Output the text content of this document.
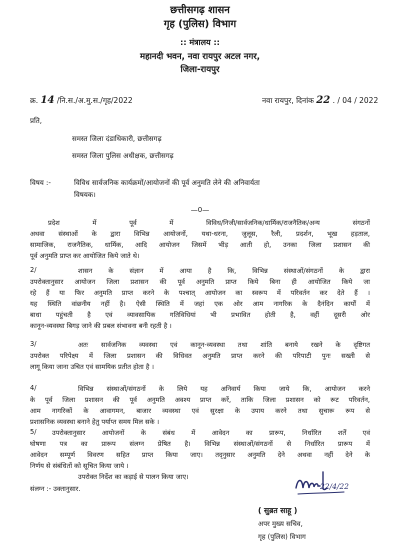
छत्तीसगढ़ शासन
गृह (पुलिस) विभाग
:: मंत्रालय ::
महानदी भवन, नवा रायपुर अटल नगर,
जिला-रायपुर
क्र. 14 /नि.स./अ.मु.स./गृह/2022	नवा रायपुर, दिनांक 22 . / 04 / 2022
प्रति,
समस्त जिला दंडाधिकारी, छत्तीसगढ़
समस्त जिला पुलिस अधीक्षक, छत्तीसगढ़
विषय :-	विविध सार्वजनिक कार्यक्रमों/आयोजनों की पूर्व अनुमति लेने की अनिवार्यता
विषयक।
—0—
प्रदेश में पूर्व में विविध/निजी/सार्वजनिक/धार्मिक/राजनैतिक/अन्य संगठनों
अथवा संस्थाओं के द्वारा विभिन्न आयोजनों, यथा-धरना, जुलूस, रैली, प्रदर्शन, भूख हड़ताल,
सामाजिक, राजनैतिक, धार्मिक, आदि आयोजन जिसमें भीड़ आती हो, उनका जिला प्रशासन की
पूर्व अनुमति प्राप्त कर आयोजित किये जाते थे।
2/	शासन के संज्ञान में आया है कि, विभिन्न संस्थाओं/संगठनों के द्वारा
उपरोक्तानुसार आयोजन जिला प्रशासन की पूर्व अनुमति प्राप्त किये बिना ही आयोजित किये जा
रहे हैं या फिर अनुमति प्राप्त करने के पश्चात् आयोजन का स्वरूप में परिवर्तन कर देते हैं ।
यह स्थिति वांछनीय नहीं है। ऐसी स्थिति में जहां एक ओर आम नागरिक के दैनंदिन कार्यों में
बाधा पहुंचती है एवं व्यावसायिक गतिविधियां भी प्रभावित होती है, वहीं दूसरी ओर
कानून-व्यवस्था बिगड़ जाने की प्रबल संभावना बनी रहती है ।
3/	अतः सार्वजनिक व्यवस्था एवं कानून-व्यवस्था तथा शांति बनाये रखने के दृष्टिगत
उपरोक्त परिपेक्ष्य में जिला प्रशासन की विधिवत अनुमति प्राप्त करने की परिपाटी पुनः सख्ती से
लागू किया जाना उचित एवं सामयिक प्रतीत होता है ।
4/	विभिन्न संस्थाओं/संगठनों के लिये यह अनिवार्य किया जाये कि, आयोजन करने
के पूर्व जिला प्रशासन की पूर्व अनुमति अवश्य प्राप्त करें, ताकि जिला प्रशासन को रूट परिवर्तन,
आम नागरिकों के आवागमन, बाजार व्यवस्था एवं सुरक्षा के उपाय करने तथा सुचारू रूप से
प्रशासनिक व्यवस्था बनाने हेतु पर्याप्त समय मिल सके ।
5/	उपरोक्तानुसार आयोजनों के संबंध में आवेदन का प्रारूप, निर्धारित शर्तें एवं
घोषणा पत्र का प्रारूप संलग्न प्रेषित है। विभिन्न संस्थाओं/संगठनों से निर्धारित प्रारूप में
आवेदन सम्पूर्ण विवरण सहित प्राप्त किया जाए। तद्नुसार अनुमति देने अथवा नहीं देने के
निर्णय से संबंधितों को सूचित किया जाये ।
उपरोक्त निर्देश का कड़ाई से पालन किया जाए।
संलग्न :- उक्तानुसार.	22/4/22
( सुब्रत साहू )
अपर मुख्य सचिव,
गृह (पुलिस) विभाग
